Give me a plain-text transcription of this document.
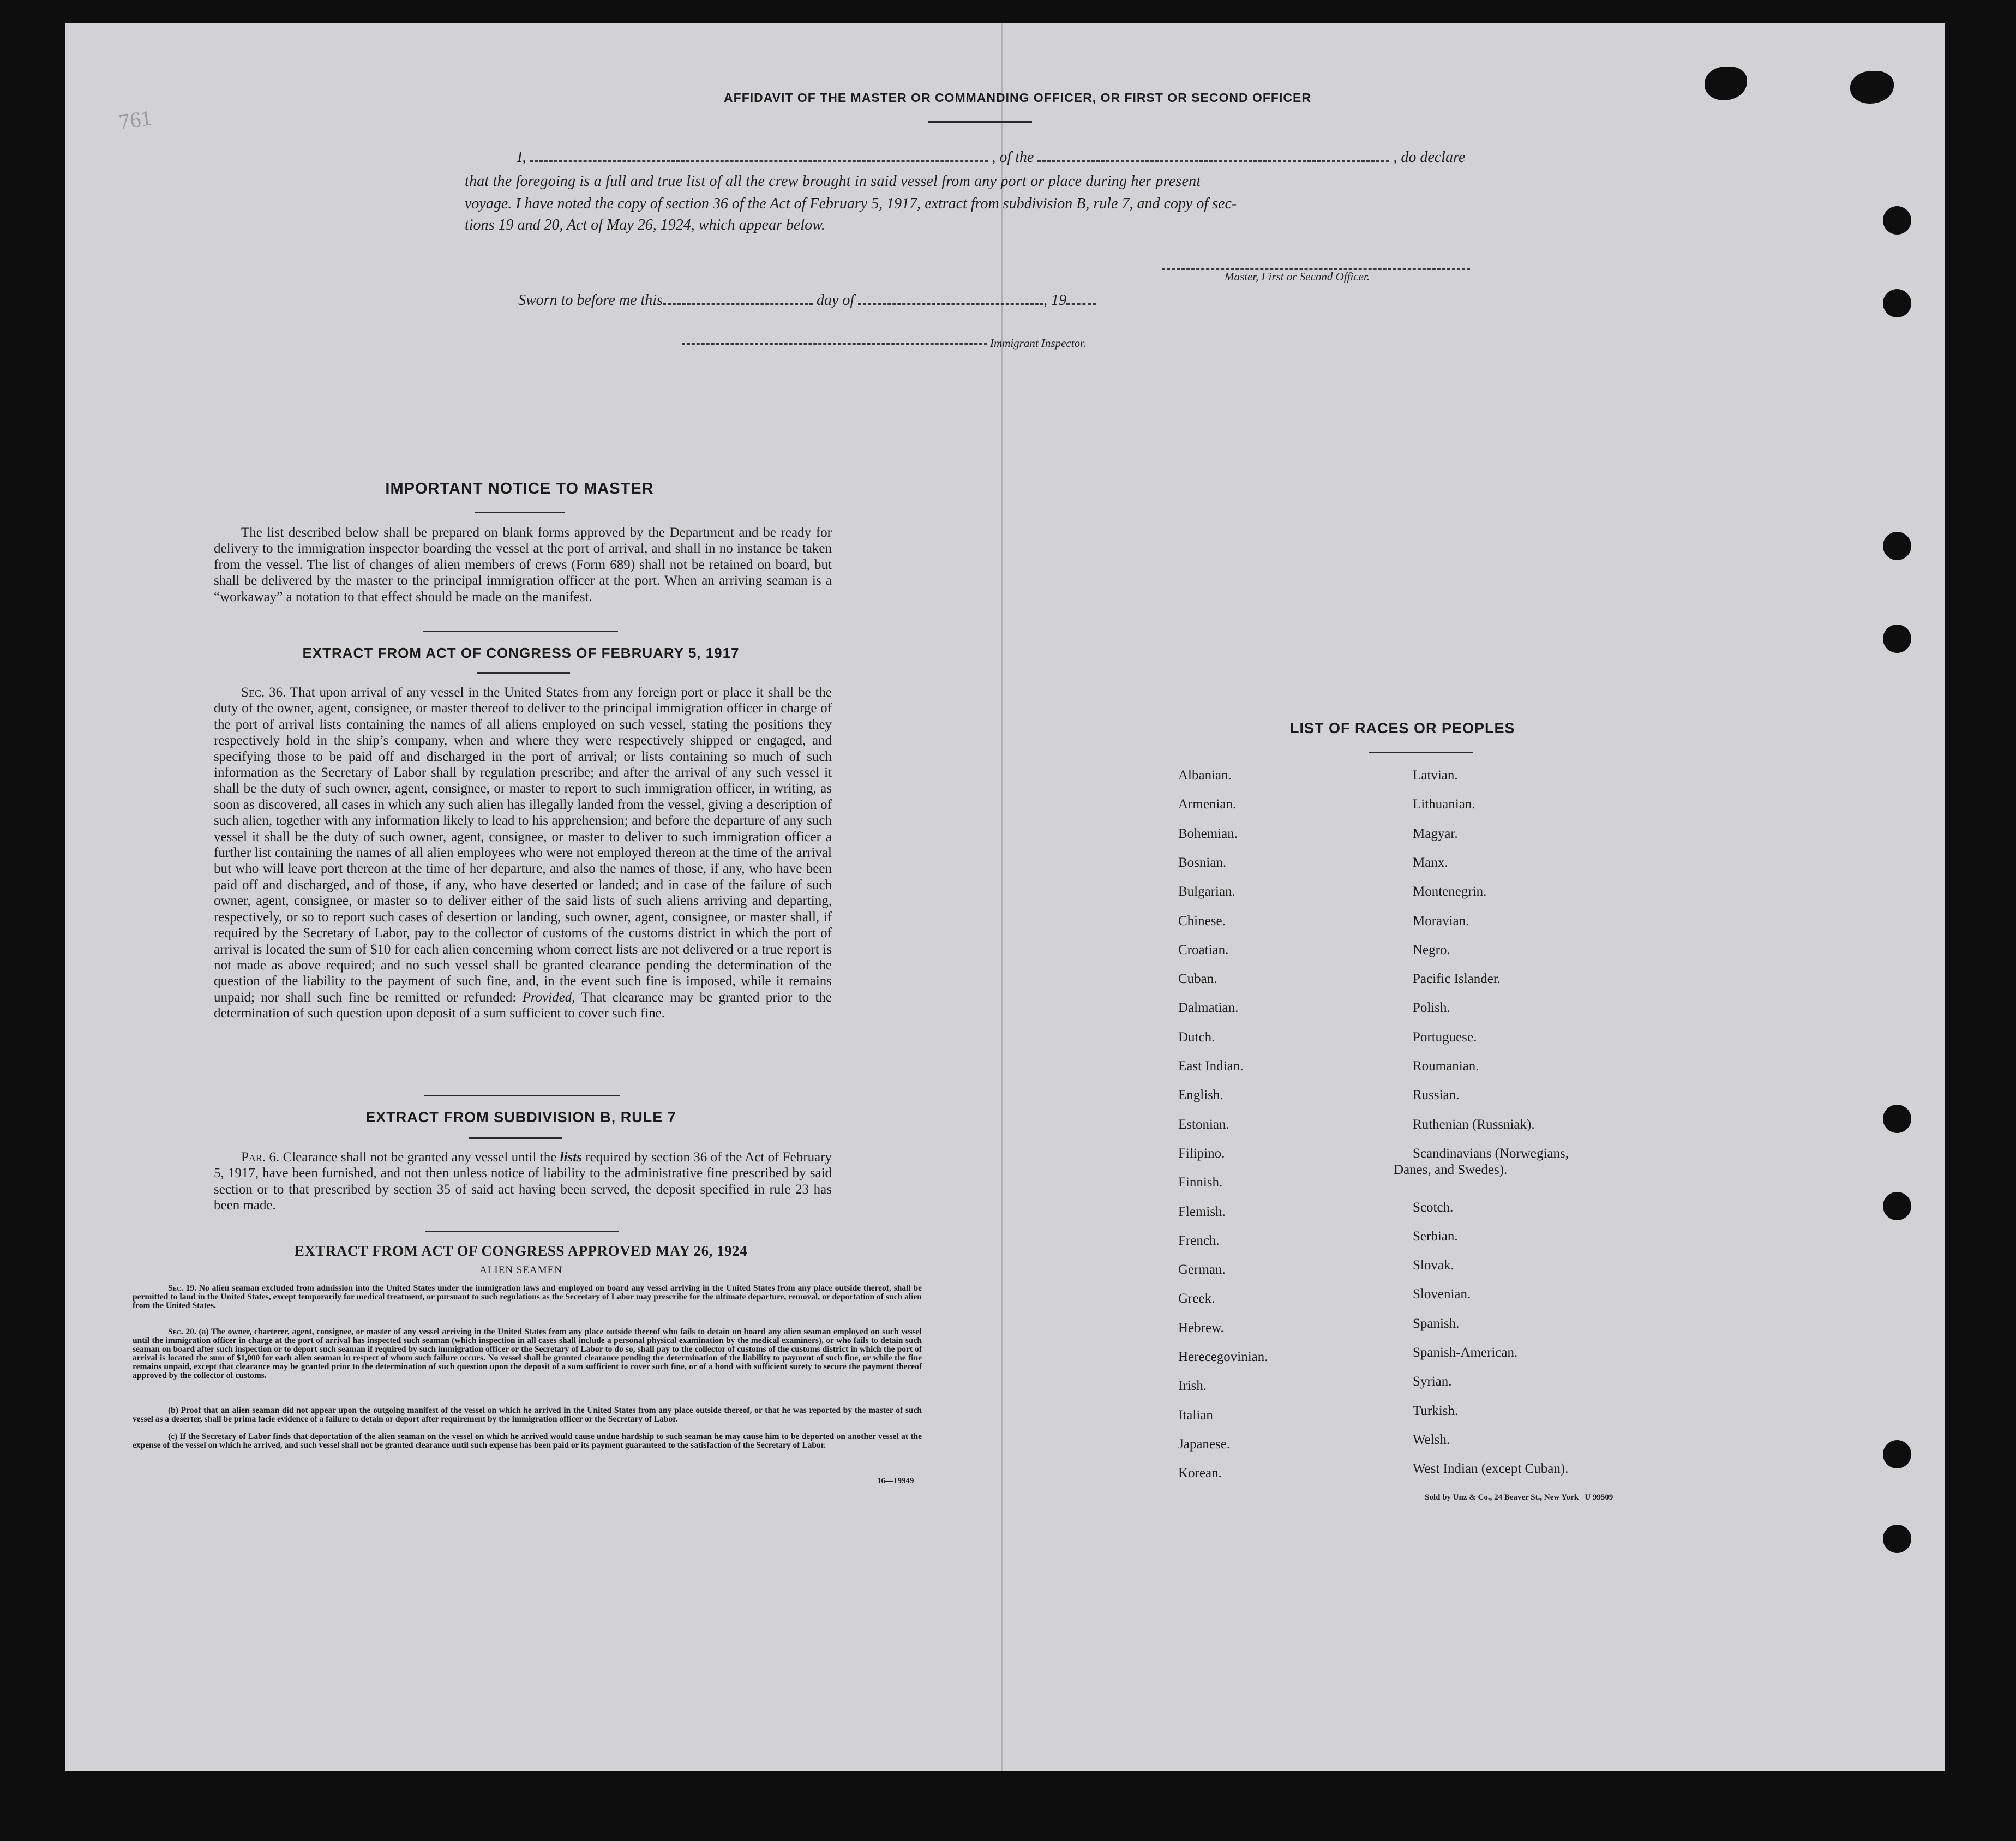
761
AFFIDAVIT OF THE MASTER OR COMMANDING OFFICER, OR FIRST OR SECOND OFFICER
I,	, of the	, do declare
that the foregoing is a full and true list of all the crew brought in said vessel from any port or place during her present
voyage. I have noted the copy of section 36 of the Act of February 5, 1917, extract from subdivision B, rule 7, and copy of sec-
tions 19 and 20, Act of May 26, 1924, which appear below.
Master, First or Second Officer.
Sworn to before me this	day of	, 19
Immigrant Inspector.
IMPORTANT NOTICE TO MASTER
The list described below shall be prepared on blank forms approved by the Department and be ready for delivery to the immigration inspector boarding the vessel at the port of arrival, and shall in no instance be taken from the vessel. The list of changes of alien members of crews (Form 689) shall not be retained on board, but shall be delivered by the master to the principal immigration officer at the port. When an arriving seaman is a “workaway” a notation to that effect should be made on the manifest.
EXTRACT FROM ACT OF CONGRESS OF FEBRUARY 5, 1917
Sec. 36. That upon arrival of any vessel in the United States from any foreign port or place it shall be the duty of the owner, agent, consignee, or master thereof to deliver to the principal immigration officer in charge of the port of arrival lists containing the names of all aliens employed on such vessel, stating the positions they respectively hold in the ship’s company, when and where they were respectively shipped or engaged, and specifying those to be paid off and discharged in the port of arrival; or lists containing so much of such information as the Secretary of Labor shall by regulation prescribe; and after the arrival of any such vessel it shall be the duty of such owner, agent, consignee, or master to report to such immigration officer, in writing, as soon as discovered, all cases in which any such alien has illegally landed from the vessel, giving a description of such alien, together with any information likely to lead to his apprehension; and before the departure of any such vessel it shall be the duty of such owner, agent, consignee, or master to deliver to such immigration officer a further list containing the names of all alien employees who were not employed thereon at the time of the arrival but who will leave port thereon at the time of her departure, and also the names of those, if any, who have been paid off and discharged, and of those, if any, who have deserted or landed; and in case of the failure of such owner, agent, consignee, or master so to deliver either of the said lists of such aliens arriving and departing, respectively, or so to report such cases of desertion or landing, such owner, agent, consignee, or master shall, if required by the Secretary of Labor, pay to the collector of customs of the customs district in which the port of arrival is located the sum of $10 for each alien concerning whom correct lists are not delivered or a true report is not made as above required; and no such vessel shall be granted clearance pending the determination of the question of the liability to the payment of such fine, and, in the event such fine is imposed, while it remains unpaid; nor shall such fine be remitted or refunded: Provided, That clearance may be granted prior to the determination of such question upon deposit of a sum sufficient to cover such fine.
EXTRACT FROM SUBDIVISION B, RULE 7
Par. 6. Clearance shall not be granted any vessel until the lists required by section 36 of the Act of February 5, 1917, have been furnished, and not then unless notice of liability to the administrative fine prescribed by said section or to that prescribed by section 35 of said act having been served, the deposit specified in rule 23 has been made.
EXTRACT FROM ACT OF CONGRESS APPROVED MAY 26, 1924
ALIEN SEAMEN
Sec. 19. No alien seaman excluded from admission into the United States under the immigration laws and employed on board any vessel arriving in the United States from any place outside thereof, shall be permitted to land in the United States, except temporarily for medical treatment, or pursuant to such regulations as the Secretary of Labor may prescribe for the ultimate departure, removal, or deportation of such alien from the United States.
Sec. 20. (a) The owner, charterer, agent, consignee, or master of any vessel arriving in the United States from any place outside thereof who fails to detain on board any alien seaman employed on such vessel until the immigration officer in charge at the port of arrival has inspected such seaman (which inspection in all cases shall include a personal physical examination by the medical examiners), or who fails to detain such seaman on board after such inspection or to deport such seaman if required by such immigration officer or the Secretary of Labor to do so, shall pay to the collector of customs of the customs district in which the port of arrival is located the sum of $1,000 for each alien seaman in respect of whom such failure occurs. No vessel shall be granted clearance pending the determination of the liability to payment of such fine, or while the fine remains unpaid, except that clearance may be granted prior to the determination of such question upon the deposit of a sum sufficient to cover such fine, or of a bond with sufficient surety to secure the payment thereof approved by the collector of customs.
(b) Proof that an alien seaman did not appear upon the outgoing manifest of the vessel on which he arrived in the United States from any place outside thereof, or that he was reported by the master of such vessel as a deserter, shall be prima facie evidence of a failure to detain or deport after requirement by the immigration officer or the Secretary of Labor.
(c) If the Secretary of Labor finds that deportation of the alien seaman on the vessel on which he arrived would cause undue hardship to such seaman he may cause him to be deported on another vessel at the expense of the vessel on which he arrived, and such vessel shall not be granted clearance until such expense has been paid or its payment guaranteed to the satisfaction of the Secretary of Labor.
16—19949
LIST OF RACES OR PEOPLES
Albanian.
Armenian.
Bohemian.
Bosnian.
Bulgarian.
Chinese.
Croatian.
Cuban.
Dalmatian.
Dutch.
East Indian.
English.
Estonian.
Filipino.
Finnish.
Flemish.
French.
German.
Greek.
Hebrew.
Herecegovinian.
Irish.
Italian
Japanese.
Korean.
Latvian.
Lithuanian.
Magyar.
Manx.
Montenegrin.
Moravian.
Negro.
Pacific Islander.
Polish.
Portuguese.
Roumanian.
Russian.
Ruthenian (Russniak).
Scandinavians (Norwegians,
Danes, and Swedes).
Scotch.
Serbian.
Slovak.
Slovenian.
Spanish.
Spanish-American.
Syrian.
Turkish.
Welsh.
West Indian (except Cuban).
Sold by Unz & Co., 24 Beaver St., New York   U 99509
